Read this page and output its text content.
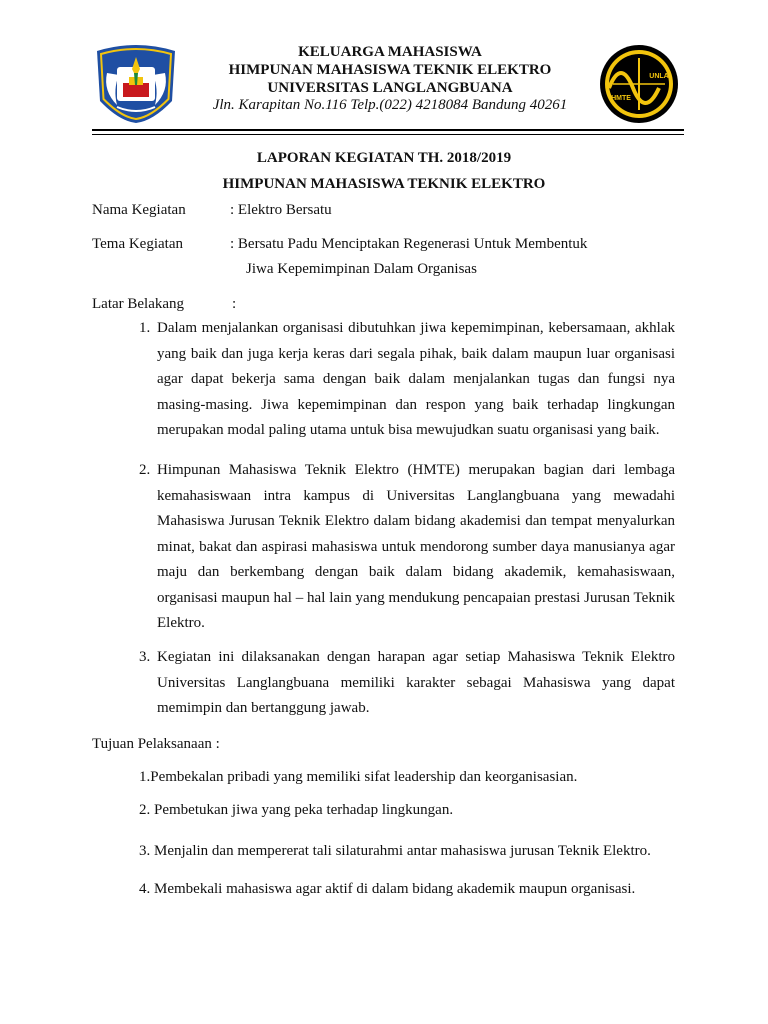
KELUARGA MAHASISWA
HIMPUNAN MAHASISWA TEKNIK ELEKTRO
UNIVERSITAS LANGLANGBUANA
Jln. Karapitan No.116 Telp.(022) 4218084 Bandung 40261
UNLA
HMTE
LAPORAN KEGIATAN TH. 2018/2019
HIMPUNAN MAHASISWA TEKNIK ELEKTRO
Nama Kegiatan	: Elektro Bersatu
Tema Kegiatan	: Bersatu Padu Menciptakan Regenerasi Untuk Membentuk
Jiwa Kepemimpinan Dalam Organisas
Latar Belakang	:
1. Dalam menjalankan organisasi dibutuhkan jiwa kepemimpinan, kebersamaan, akhlak yang baik dan juga kerja keras dari segala pihak, baik dalam maupun luar organisasi agar dapat bekerja sama dengan baik dalam menjalankan tugas dan fungsi nya masing-masing. Jiwa kepemimpinan dan respon yang baik terhadap lingkungan merupakan modal paling utama untuk bisa mewujudkan suatu organisasi yang baik.
2. Himpunan Mahasiswa Teknik Elektro (HMTE) merupakan bagian dari lembaga kemahasiswaan intra kampus di Universitas Langlangbuana yang mewadahi Mahasiswa Jurusan Teknik Elektro dalam bidang akademisi dan tempat menyalurkan minat, bakat dan aspirasi mahasiswa untuk mendorong sumber daya manusianya agar maju dan berkembang dengan baik dalam bidang akademik, kemahasiswaan, organisasi maupun hal – hal lain yang mendukung pencapaian prestasi Jurusan Teknik Elektro.
3. Kegiatan ini dilaksanakan dengan harapan agar setiap Mahasiswa Teknik Elektro Universitas Langlangbuana memiliki karakter sebagai Mahasiswa yang dapat memimpin dan bertanggung jawab.
Tujuan Pelaksanaan :
1.Pembekalan pribadi yang memiliki sifat leadership dan keorganisasian.
2. Pembetukan jiwa yang peka terhadap lingkungan.
3. Menjalin dan mempererat tali silaturahmi antar mahasiswa jurusan Teknik Elektro.
4. Membekali mahasiswa agar aktif di dalam bidang akademik maupun organisasi.
